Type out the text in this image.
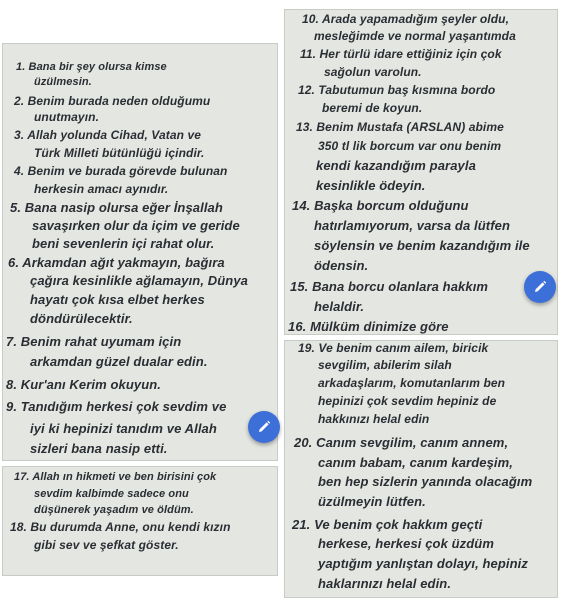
1. Bana bir şey olursa kimse
üzülmesin.
2. Benim burada neden olduğumu
unutmayın.
3. Allah yolunda Cihad, Vatan ve
Türk Milleti bütünlüğü içindir.
4. Benim ve burada görevde bulunan
herkesin amacı aynıdır.
5. Bana nasip olursa eğer İnşallah
savaşırken olur da içim ve geride
beni sevenlerin içi rahat olur.
6. Arkamdan ağıt yakmayın, bağıra
çağıra kesinlikle ağlamayın, Dünya
hayatı çok kısa elbet herkes
döndürülecektir.
7. Benim rahat uyumam için
arkamdan güzel dualar edin.
8. Kur'anı Kerim okuyun.
9. Tanıdığım herkesi çok sevdim ve
iyi ki hepinizi tanıdım ve Allah
sizleri bana nasip etti.
17. Allah ın hikmeti ve ben birisini çok
sevdim kalbimde sadece onu
düşünerek yaşadım ve öldüm.
18. Bu durumda Anne, onu kendi kızın
gibi sev ve şefkat göster.
10. Arada yapamadığım şeyler oldu,
mesleğimde ve normal yaşantımda
11. Her türlü idare ettiğiniz için çok
sağolun varolun.
12. Tabutumun baş kısmına bordo
beremi de koyun.
13. Benim Mustafa (ARSLAN) abime
350 tl lik borcum var onu benim
kendi kazandığım parayla
kesinlikle ödeyin.
14. Başka borcum olduğunu
hatırlamıyorum, varsa da lütfen
söylensin ve benim kazandığım ile
ödensin.
15. Bana borcu olanlara hakkım
helaldir.
16. Mülküm dinimize göre
19. Ve benim canım ailem, biricik
sevgilim, abilerim silah
arkadaşlarım, komutanlarım ben
hepinizi çok sevdim hepiniz de
hakkınızı helal edin
20. Canım sevgilim, canım annem,
canım babam, canım kardeşim,
ben hep sizlerin yanında olacağım
üzülmeyin lütfen.
21. Ve benim çok hakkım geçti
herkese, herkesi çok üzdüm
yaptığım yanlıştan dolayı, hepiniz
haklarınızı helal edin.
